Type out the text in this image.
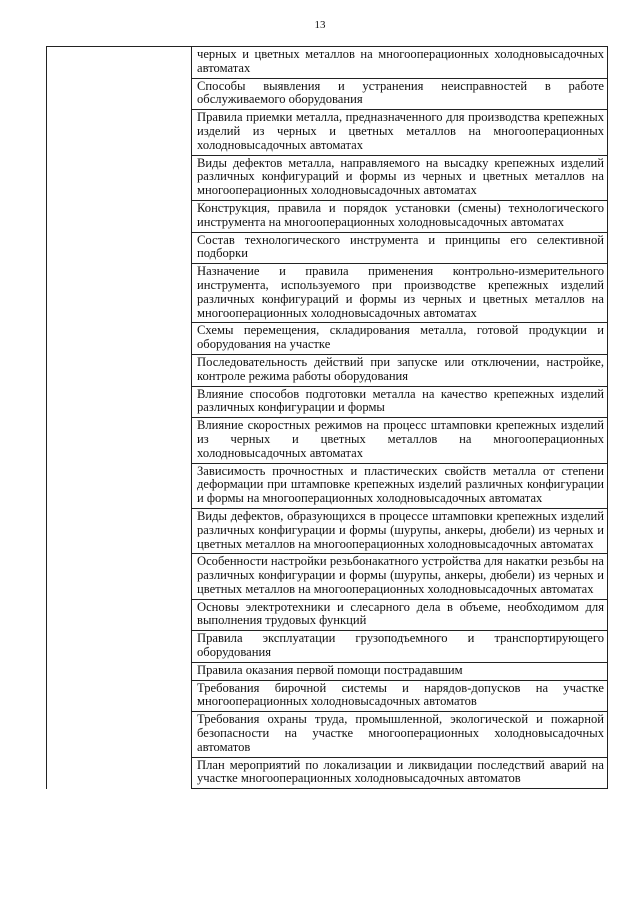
13
черных и цветных металлов на многооперационных холодновысадочных автоматах
Способы выявления и устранения неисправностей в работе обслуживаемого оборудования
Правила приемки металла, предназначенного для производства крепежных изделий из черных и цветных металлов на многооперационных холодновысадочных автоматах
Виды дефектов металла, направляемого на высадку крепежных изделий различных конфигураций и формы из черных и цветных металлов на многооперационных холодновысадочных автоматах
Конструкция, правила и порядок установки (смены) технологического инструмента на многооперационных холодновысадочных автоматах
Состав технологического инструмента и принципы его селективной подборки
Назначение и правила применения контрольно-измерительного инструмента, используемого при производстве крепежных изделий различных конфигураций и формы из черных и цветных металлов на многооперационных холодновысадочных автоматах
Схемы перемещения, складирования металла, готовой продукции и оборудования на участке
Последовательность действий при запуске или отключении, настройке, контроле режима работы оборудования
Влияние способов подготовки металла на качество крепежных изделий различных конфигурации и формы
Влияние скоростных режимов на процесс штамповки крепежных изделий из черных и цветных металлов на многооперационных холодновысадочных автоматах
Зависимость прочностных и пластических свойств металла от степени деформации при штамповке крепежных изделий различных конфигурации и формы на многооперационных холодновысадочных автоматах
Виды дефектов, образующихся в процессе штамповки крепежных изделий различных конфигурации и формы (шурупы, анкеры, дюбели) из черных и цветных металлов на многооперационных холодновысадочных автоматах
Особенности настройки резьбонакатного устройства для накатки резьбы на различных конфигурации и формы (шурупы, анкеры, дюбели) из черных и цветных металлов на многооперационных холодновысадочных автоматах
Основы электротехники и слесарного дела в объеме, необходимом для выполнения трудовых функций
Правила эксплуатации грузоподъемного и транспортирующего оборудования
Правила оказания первой помощи пострадавшим
Требования бирочной системы и нарядов-допусков на участке многооперационных холодновысадочных автоматов
Требования охраны труда, промышленной, экологической и пожарной безопасности на участке многооперационных холодновысадочных автоматов
План мероприятий по локализации и ликвидации последствий аварий на участке многооперационных холодновысадочных автоматов
